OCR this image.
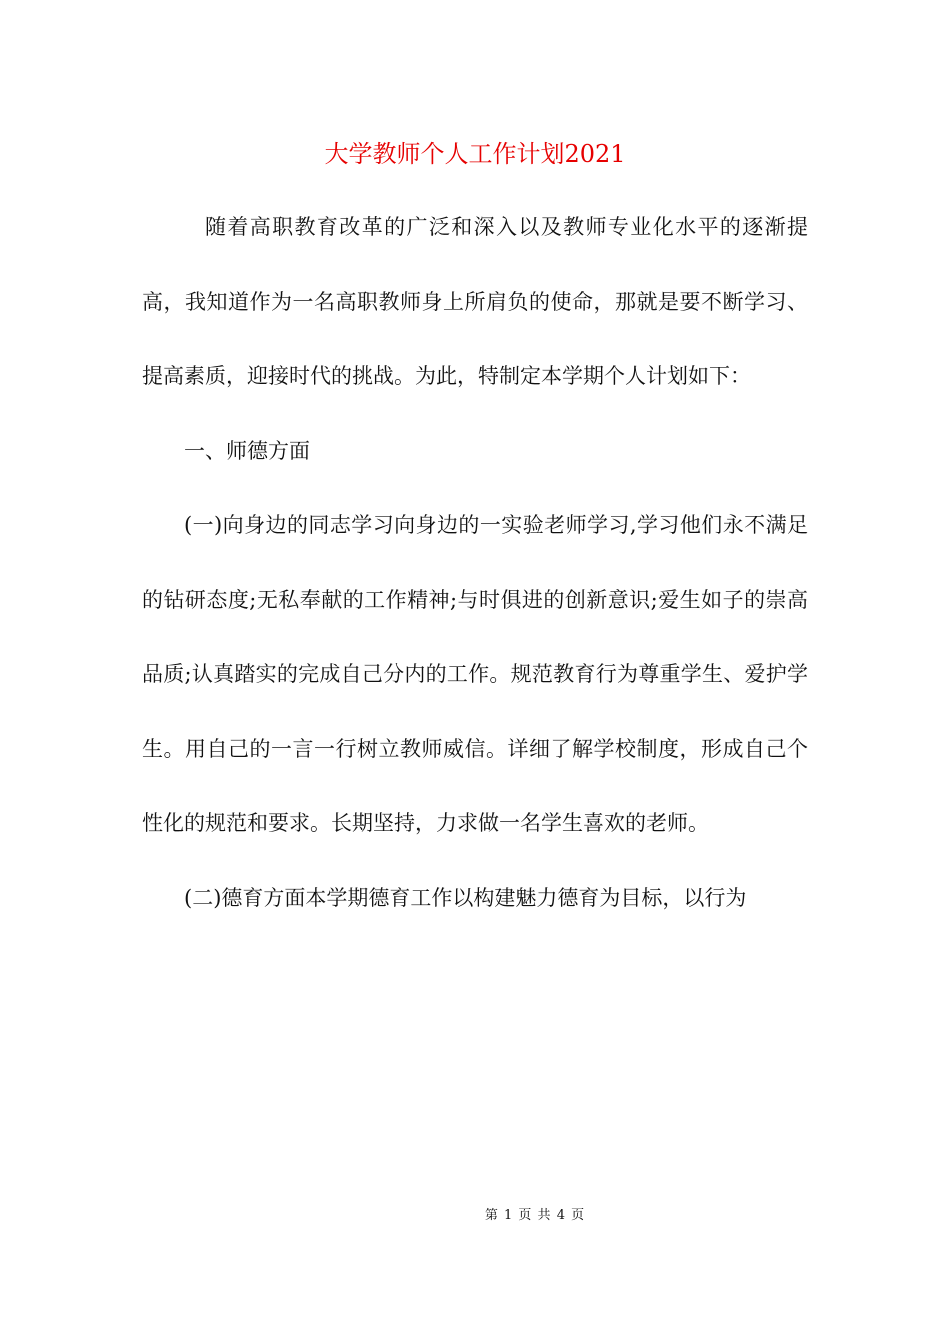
大学教师个人工作计划2021

随着高职教育改革的广泛和深入以及教师专业化水平的逐渐提高，我知道作为一名高职教师身上所肩负的使命，那就是要不断学习、提高素质，迎接时代的挑战。为此，特制定本学期个人计划如下：

一、师德方面

(一)向身边的同志学习向身边的一实验老师学习,学习他们永不满足的钻研态度;无私奉献的工作精神;与时俱进的创新意识;爱生如子的崇高品质;认真踏实的完成自己分内的工作。规范教育行为尊重学生、爱护学生。用自己的一言一行树立教师威信。详细了解学校制度，形成自己个性化的规范和要求。长期坚持，力求做一名学生喜欢的老师。

(二)德育方面本学期德育工作以构建魅力德育为目标，以行为

第 1 页 共 4 页
